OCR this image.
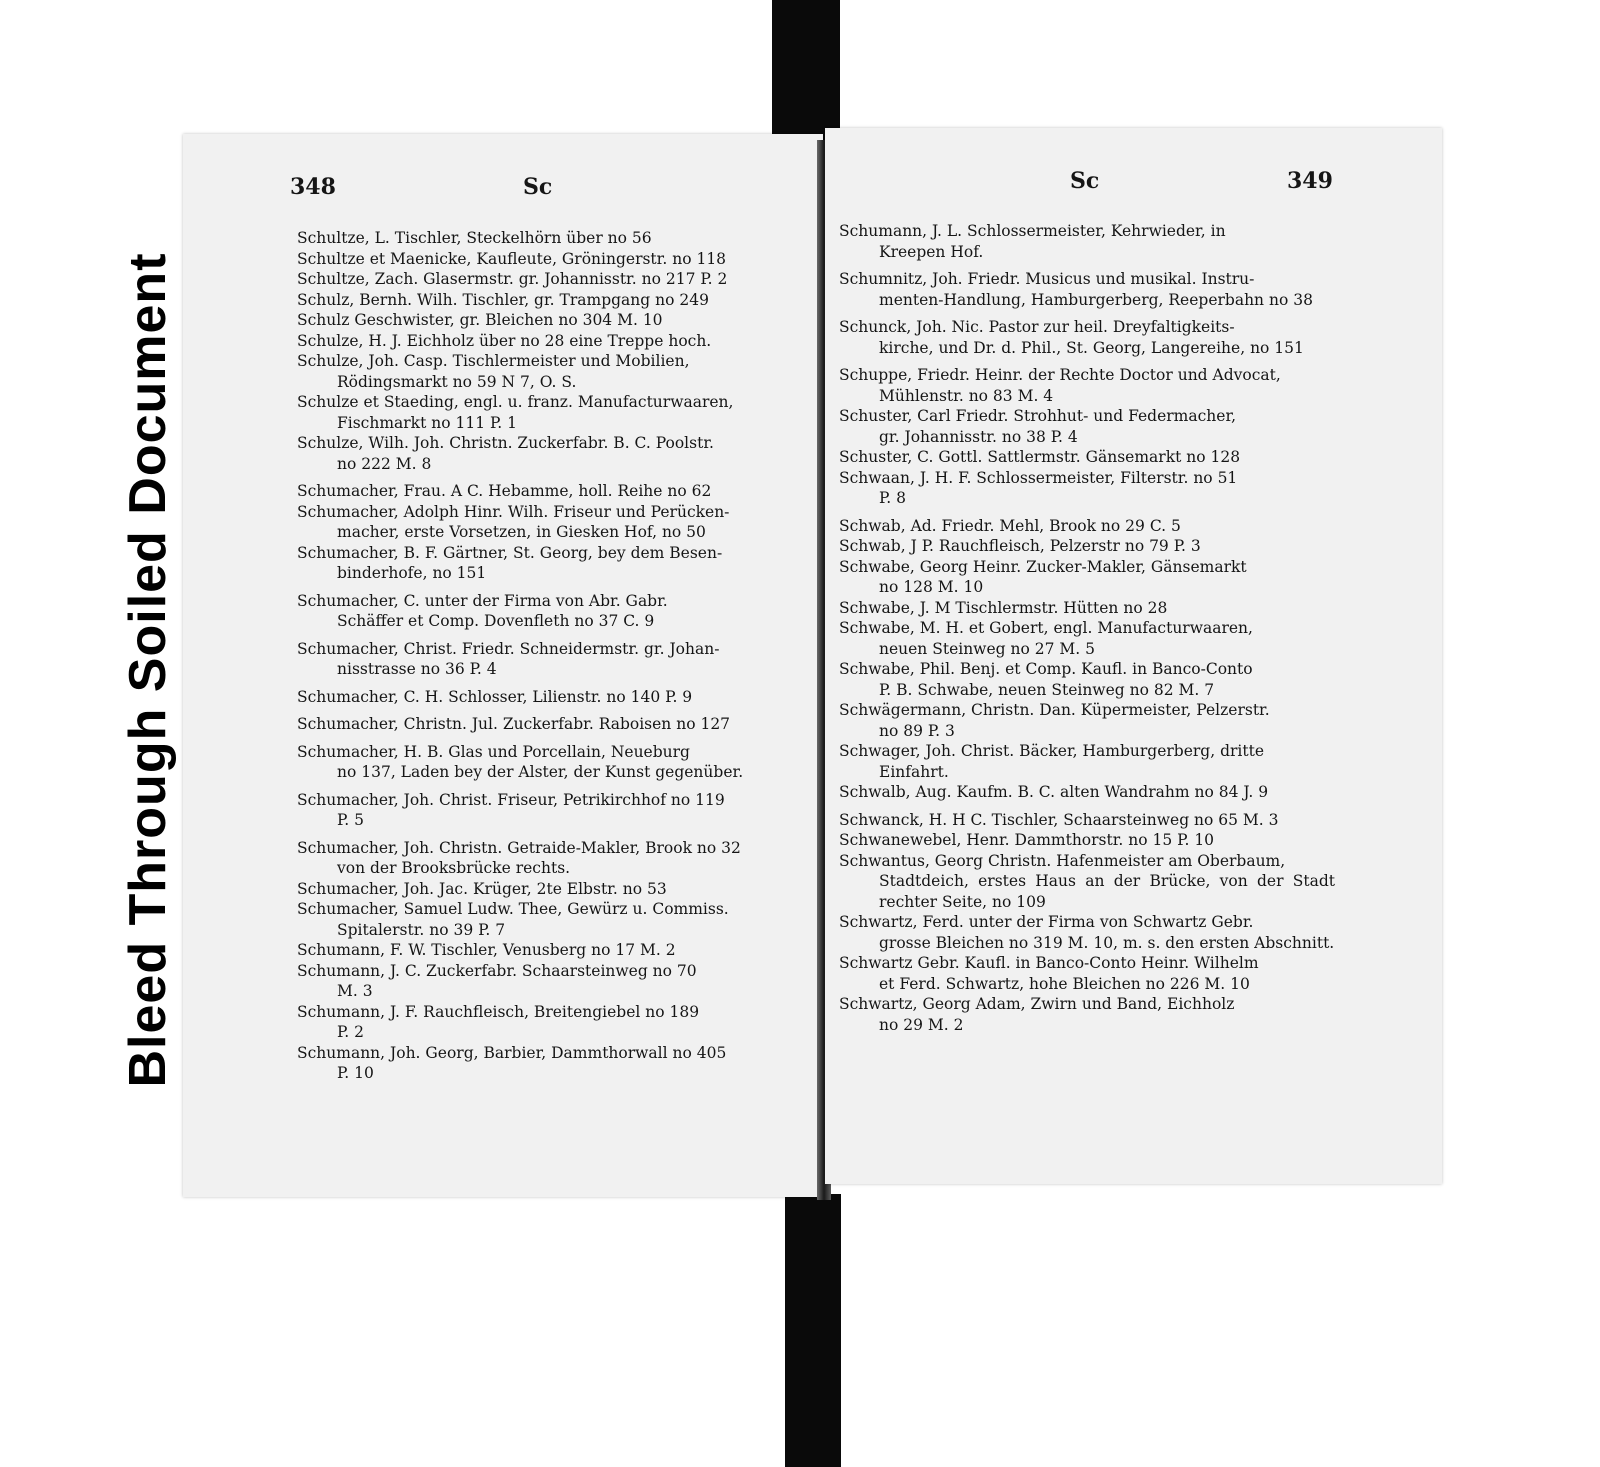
Bleed Through Soiled Document
348	Sc
Schultze, L. Tischler, Steckelhörn über no 56
Schultze et Maenicke, Kaufleute, Gröningerstr. no 118
Schultze, Zach. Glasermstr. gr. Johannisstr. no 217 P. 2
Schulz, Bernh. Wilh. Tischler, gr. Trampgang no 249
Schulz Geschwister, gr. Bleichen no 304 M. 10
Schulze, H. J. Eichholz über no 28 eine Treppe hoch.
Schulze, Joh. Casp. Tischlermeister und Mobilien,
Rödingsmarkt no 59 N 7, O. S.
Schulze et Staeding, engl. u. franz. Manufacturwaaren,
Fischmarkt no 111 P. 1
Schulze, Wilh. Joh. Christn. Zuckerfabr. B. C. Poolstr.
no 222 M. 8
Schumacher, Frau. A C. Hebamme, holl. Reihe no 62
Schumacher, Adolph Hinr. Wilh. Friseur und Perücken-
macher, erste Vorsetzen, in Giesken Hof, no 50
Schumacher, B. F. Gärtner, St. Georg, bey dem Besen-
binderhofe, no 151
Schumacher, C. unter der Firma von Abr. Gabr.
Schäffer et Comp. Dovenfleth no 37 C. 9
Schumacher, Christ. Friedr. Schneidermstr. gr. Johan-
nisstrasse no 36 P. 4
Schumacher, C. H. Schlosser, Lilienstr. no 140 P. 9
Schumacher, Christn. Jul. Zuckerfabr. Raboisen no 127
Schumacher, H. B. Glas und Porcellain, Neueburg
no 137, Laden bey der Alster, der Kunst gegenüber.
Schumacher, Joh. Christ. Friseur, Petrikirchhof no 119
P. 5
Schumacher, Joh. Christn. Getraide-Makler, Brook no 32
von der Brooksbrücke rechts.
Schumacher, Joh. Jac. Krüger, 2te Elbstr. no 53
Schumacher, Samuel Ludw. Thee, Gewürz u. Commiss.
Spitalerstr. no 39 P. 7
Schumann, F. W. Tischler, Venusberg no 17 M. 2
Schumann, J. C. Zuckerfabr. Schaarsteinweg no 70
M. 3
Schumann, J. F. Rauchfleisch, Breitengiebel no 189
P. 2
Schumann, Joh. Georg, Barbier, Dammthorwall no 405
P. 10
Sc	349
Schumann, J. L. Schlossermeister, Kehrwieder, in
Kreepen Hof.
Schumnitz, Joh. Friedr. Musicus und musikal. Instru-
menten-Handlung, Hamburgerberg, Reeperbahn no 38
Schunck, Joh. Nic. Pastor zur heil. Dreyfaltigkeits-
kirche, und Dr. d. Phil., St. Georg, Langereihe, no 151
Schuppe, Friedr. Heinr. der Rechte Doctor und Advocat,
Mühlenstr. no 83 M. 4
Schuster, Carl Friedr. Strohhut- und Federmacher,
gr. Johannisstr. no 38 P. 4
Schuster, C. Gottl. Sattlermstr. Gänsemarkt no 128
Schwaan, J. H. F. Schlossermeister, Filterstr. no 51
P. 8
Schwab, Ad. Friedr. Mehl, Brook no 29 C. 5
Schwab, J P. Rauchfleisch, Pelzerstr no 79 P. 3
Schwabe, Georg Heinr. Zucker-Makler, Gänsemarkt
no 128 M. 10
Schwabe, J. M Tischlermstr. Hütten no 28
Schwabe, M. H. et Gobert, engl. Manufacturwaaren,
neuen Steinweg no 27 M. 5
Schwabe, Phil. Benj. et Comp. Kaufl. in Banco-Conto
P. B. Schwabe, neuen Steinweg no 82 M. 7
Schwägermann, Christn. Dan. Küpermeister, Pelzerstr.
no 89 P. 3
Schwager, Joh. Christ. Bäcker, Hamburgerberg, dritte
Einfahrt.
Schwalb, Aug. Kaufm. B. C. alten Wandrahm no 84 J. 9
Schwanck, H. H C. Tischler, Schaarsteinweg no 65 M. 3
Schwanewebel, Henr. Dammthorstr. no 15 P. 10
Schwantus, Georg Christn. Hafenmeister am Oberbaum,
Stadtdeich, erstes Haus an der Brücke, von der Stadt rechter Seite, no 109
Schwartz, Ferd. unter der Firma von Schwartz Gebr.
grosse Bleichen no 319 M. 10, m. s. den ersten Abschnitt.
Schwartz Gebr. Kaufl. in Banco-Conto Heinr. Wilhelm
et Ferd. Schwartz, hohe Bleichen no 226 M. 10
Schwartz, Georg Adam, Zwirn und Band, Eichholz
no 29 M. 2
